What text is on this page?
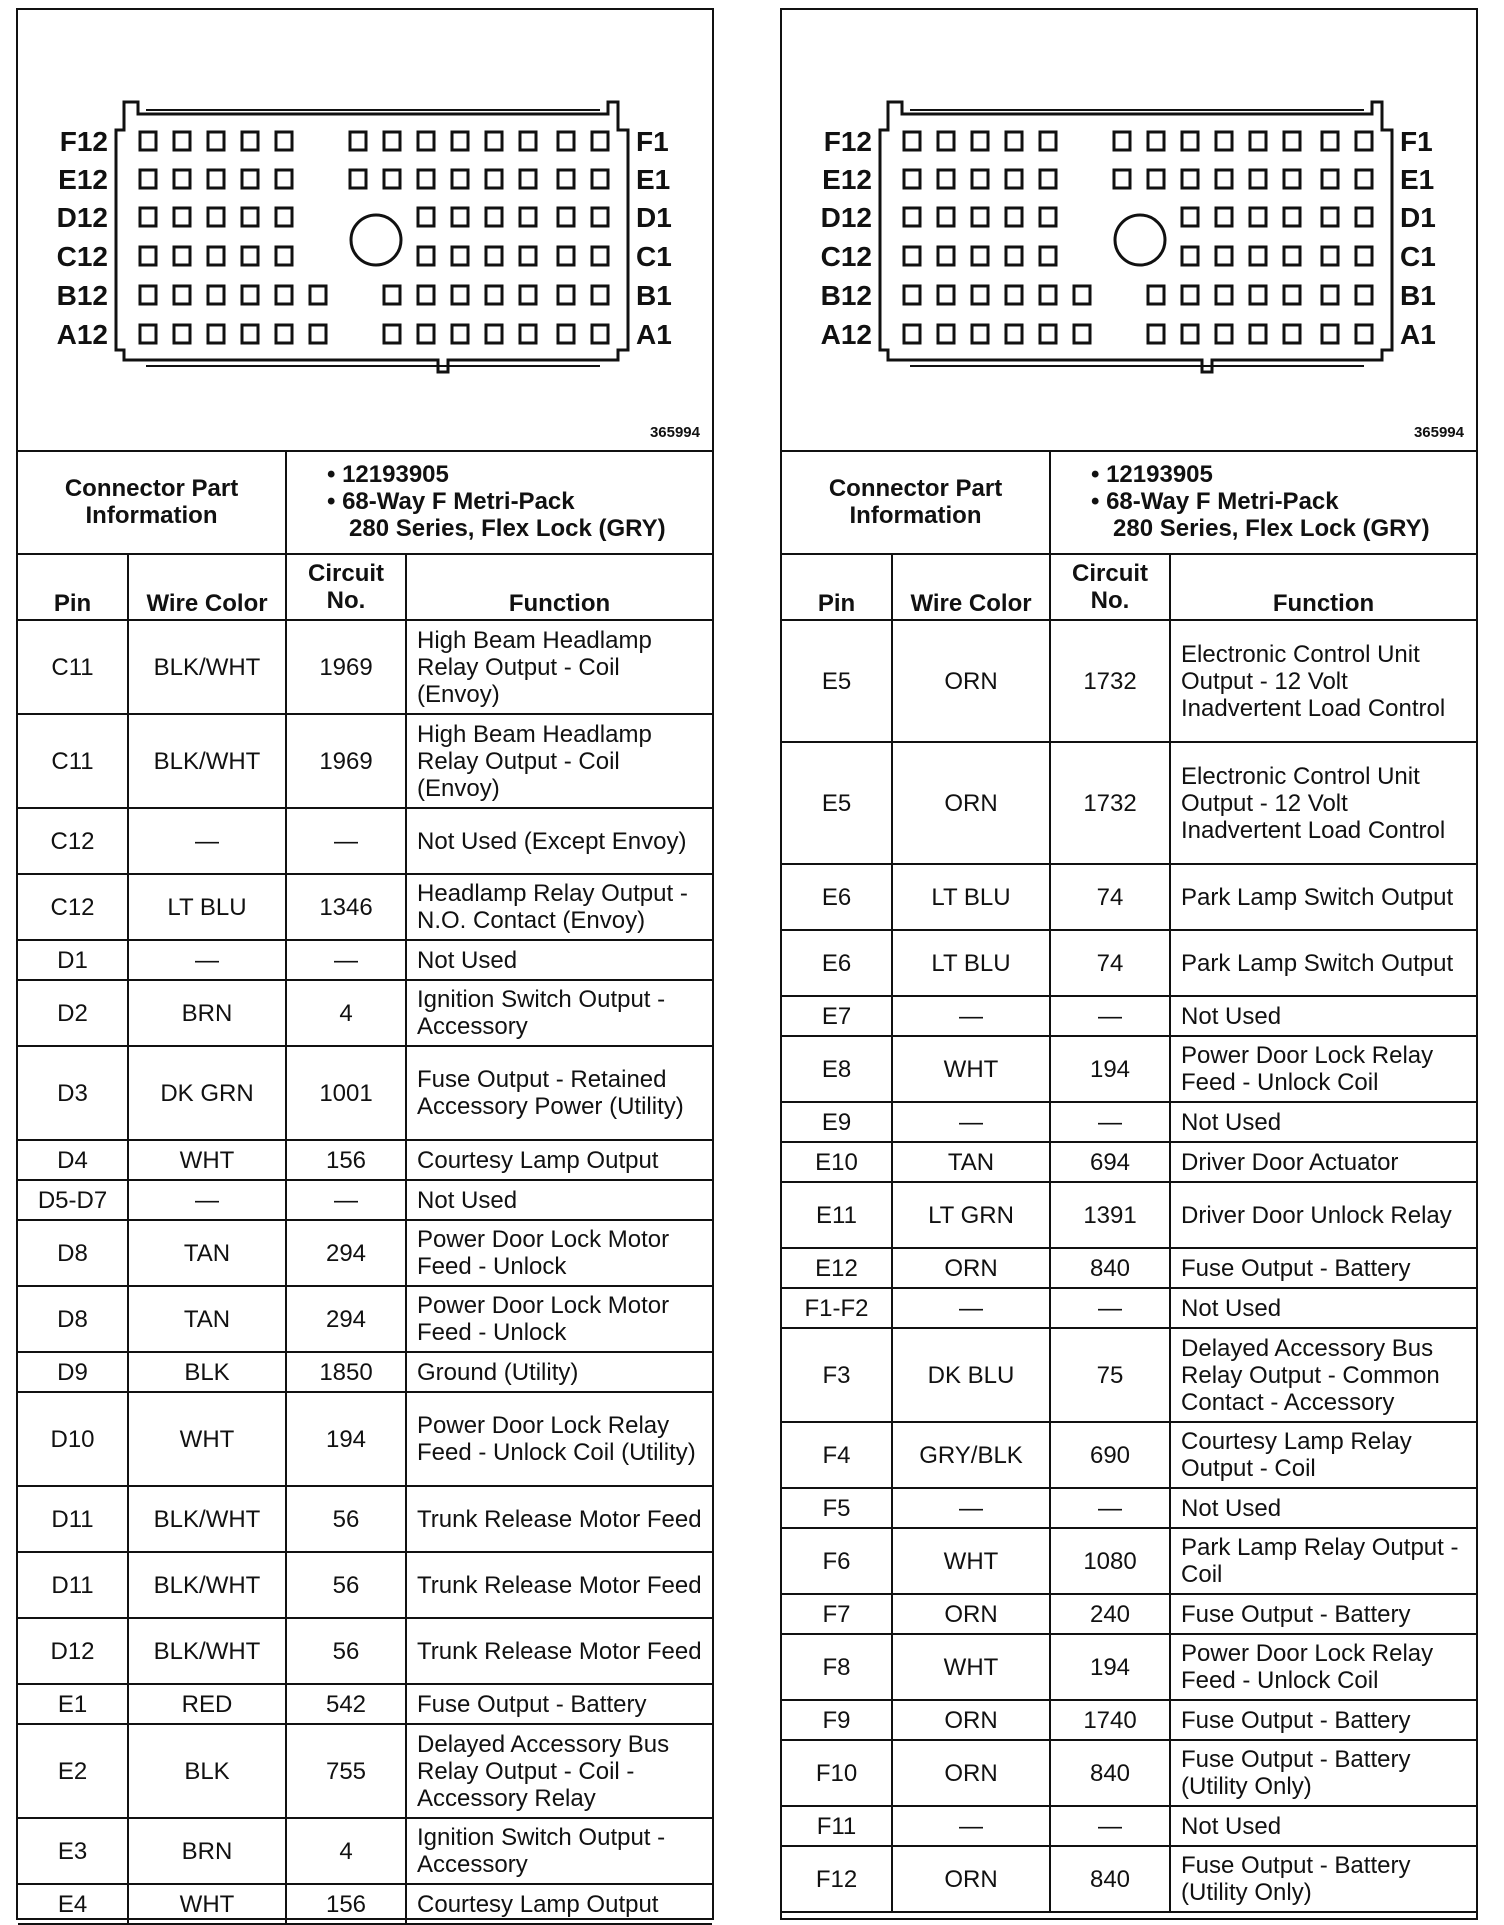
F12
E12
D12
C12
B12
A12
F1
E1
D1
C1
B1
A1
365994
Connector Part Information		• 12193905
• 68-Way F Metri-Pack
280 Series, Flex Lock (GRY)	

Pin	Wire Color	Circuit No.	Function
C11	BLK/WHT	1969	High Beam Headlamp Relay Output - Coil (Envoy)
C11	BLK/WHT	1969	High Beam Headlamp Relay Output - Coil (Envoy)
C12	—	—	Not Used (Except Envoy)
C12	LT BLU	1346	Headlamp Relay Output - N.O. Contact (Envoy)
D1	—	—	Not Used
D2	BRN	4	Ignition Switch Output - Accessory
D3	DK GRN	1001	Fuse Output - Retained Accessory Power (Utility)
D4	WHT	156	Courtesy Lamp Output
D5-D7	—	—	Not Used
D8	TAN	294	Power Door Lock Motor Feed - Unlock
D8	TAN	294	Power Door Lock Motor Feed - Unlock
D9	BLK	1850	Ground (Utility)
D10	WHT	194	Power Door Lock Relay Feed - Unlock Coil (Utility)
D11	BLK/WHT	56	Trunk Release Motor Feed
D11	BLK/WHT	56	Trunk Release Motor Feed
D12	BLK/WHT	56	Trunk Release Motor Feed
E1	RED	542	Fuse Output - Battery
E2	BLK	755	Delayed Accessory Bus Relay Output - Coil - Accessory Relay
E3	BRN	4	Ignition Switch Output - Accessory
E4	WHT	156	Courtesy Lamp Output
F12
E12
D12
C12
B12
A12
F1
E1
D1
C1
B1
A1
365994
Connector Part Information		• 12193905
• 68-Way F Metri-Pack
280 Series, Flex Lock (GRY)	

Pin	Wire Color	Circuit No.	Function
E5	ORN	1732	Electronic Control Unit Output - 12 Volt Inadvertent Load Control
E5	ORN	1732	Electronic Control Unit Output - 12 Volt Inadvertent Load Control
E6	LT BLU	74	Park Lamp Switch Output
E6	LT BLU	74	Park Lamp Switch Output
E7	—	—	Not Used
E8	WHT	194	Power Door Lock Relay Feed - Unlock Coil
E9	—	—	Not Used
E10	TAN	694	Driver Door Actuator
E11	LT GRN	1391	Driver Door Unlock Relay
E12	ORN	840	Fuse Output - Battery
F1-F2	—	—	Not Used
F3	DK BLU	75	Delayed Accessory Bus Relay Output - Common Contact - Accessory
F4	GRY/BLK	690	Courtesy Lamp Relay Output - Coil
F5	—	—	Not Used
F6	WHT	1080	Park Lamp Relay Output - Coil
F7	ORN	240	Fuse Output - Battery
F8	WHT	194	Power Door Lock Relay Feed - Unlock Coil
F9	ORN	1740	Fuse Output - Battery
F10	ORN	840	Fuse Output - Battery (Utility Only)
F11	—	—	Not Used
F12	ORN	840	Fuse Output - Battery (Utility Only)
